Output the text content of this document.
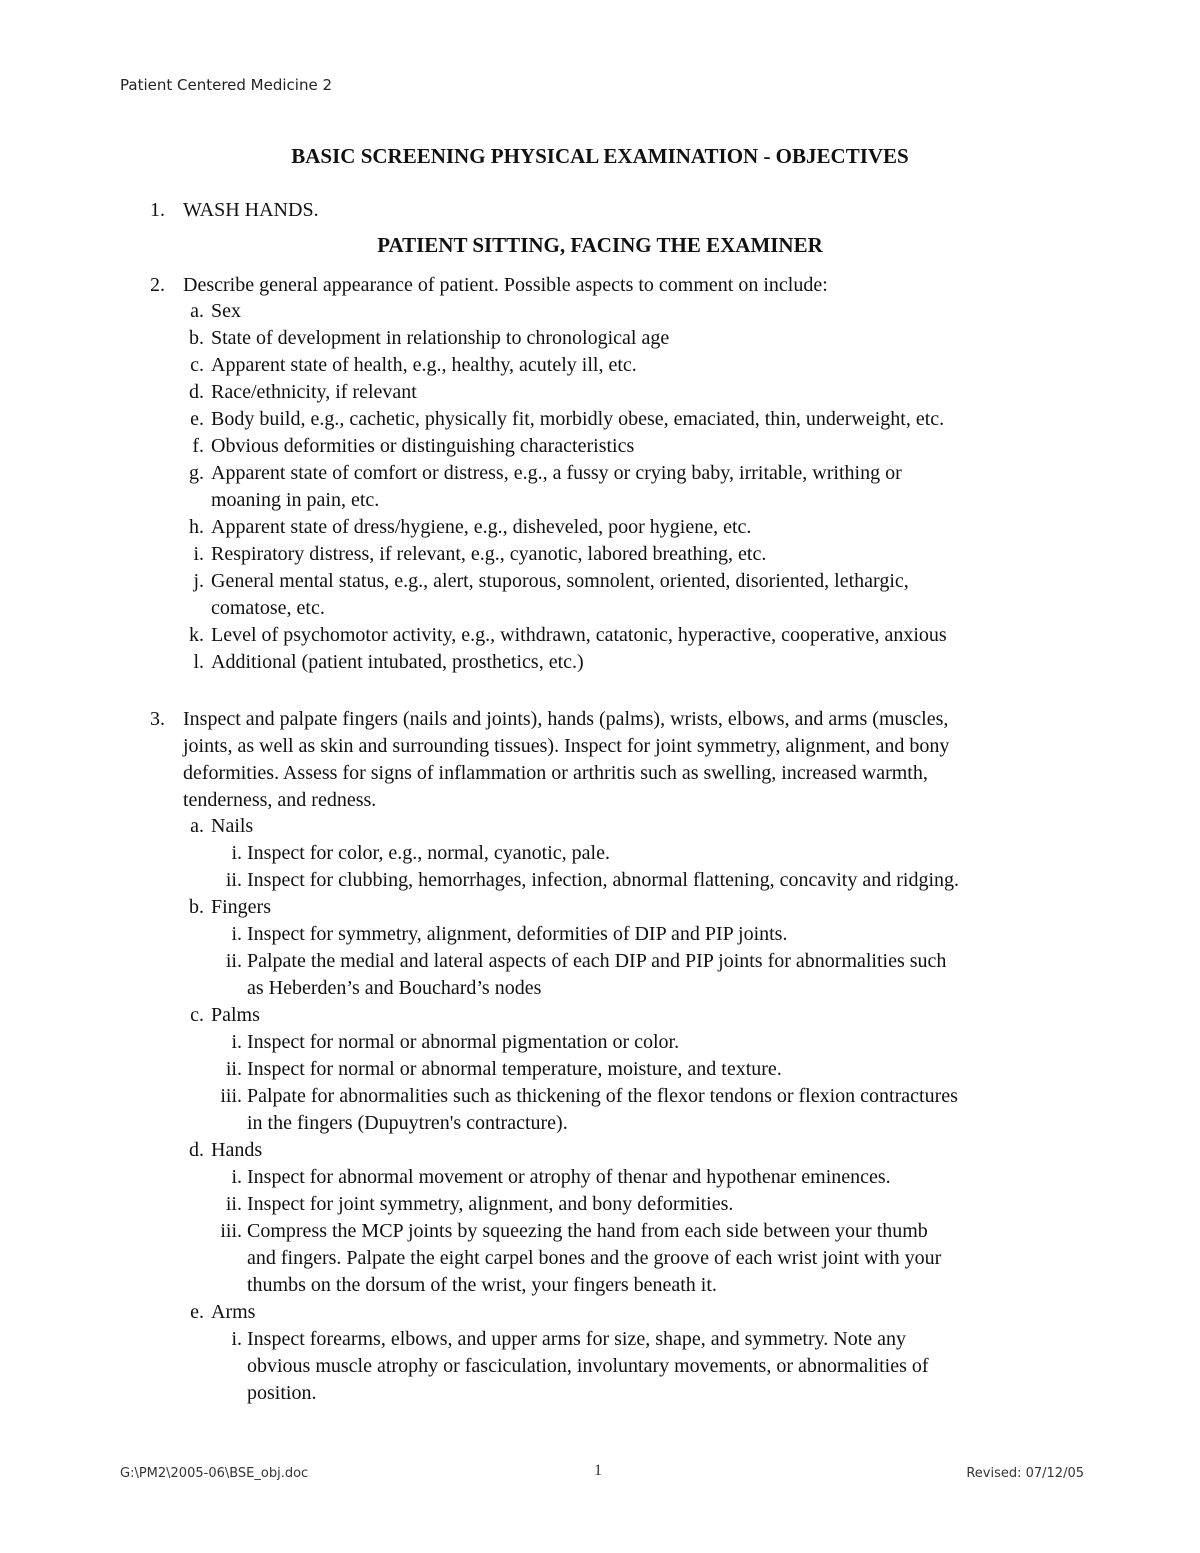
Patient Centered Medicine 2
BASIC SCREENING PHYSICAL EXAMINATION - OBJECTIVES
1. WASH HANDS.
PATIENT SITTING, FACING THE EXAMINER
2. Describe general appearance of patient. Possible aspects to comment on include:
a. Sex
b. State of development in relationship to chronological age
c. Apparent state of health, e.g., healthy, acutely ill, etc.
d. Race/ethnicity, if relevant
e. Body build, e.g., cachetic, physically fit, morbidly obese, emaciated, thin, underweight, etc.
f. Obvious deformities or distinguishing characteristics
g. Apparent state of comfort or distress, e.g., a fussy or crying baby, irritable, writhing or
moaning in pain, etc.
h. Apparent state of dress/hygiene, e.g., disheveled, poor hygiene, etc.
i. Respiratory distress, if relevant, e.g., cyanotic, labored breathing, etc.
j. General mental status, e.g., alert, stuporous, somnolent, oriented, disoriented, lethargic,
comatose, etc.
k. Level of psychomotor activity, e.g., withdrawn, catatonic, hyperactive, cooperative, anxious
l. Additional (patient intubated, prosthetics, etc.)
3. Inspect and palpate fingers (nails and joints), hands (palms), wrists, elbows, and arms (muscles,
joints, as well as skin and surrounding tissues). Inspect for joint symmetry, alignment, and bony
deformities. Assess for signs of inflammation or arthritis such as swelling, increased warmth,
tenderness, and redness.
a. Nails
i. Inspect for color, e.g., normal, cyanotic, pale.
ii. Inspect for clubbing, hemorrhages, infection, abnormal flattening, concavity and ridging.
b. Fingers
i. Inspect for symmetry, alignment, deformities of DIP and PIP joints.
ii. Palpate the medial and lateral aspects of each DIP and PIP joints for abnormalities such
as Heberden’s and Bouchard’s nodes
c. Palms
i. Inspect for normal or abnormal pigmentation or color.
ii. Inspect for normal or abnormal temperature, moisture, and texture.
iii. Palpate for abnormalities such as thickening of the flexor tendons or flexion contractures
in the fingers (Dupuytren's contracture).
d. Hands
i. Inspect for abnormal movement or atrophy of thenar and hypothenar eminences.
ii. Inspect for joint symmetry, alignment, and bony deformities.
iii. Compress the MCP joints by squeezing the hand from each side between your thumb
and fingers. Palpate the eight carpel bones and the groove of each wrist joint with your
thumbs on the dorsum of the wrist, your fingers beneath it.
e. Arms
i. Inspect forearms, elbows, and upper arms for size, shape, and symmetry. Note any
obvious muscle atrophy or fasciculation, involuntary movements, or abnormalities of
position.
G:\PM2\2005-06\BSE_obj.doc	1	Revised: 07/12/05
